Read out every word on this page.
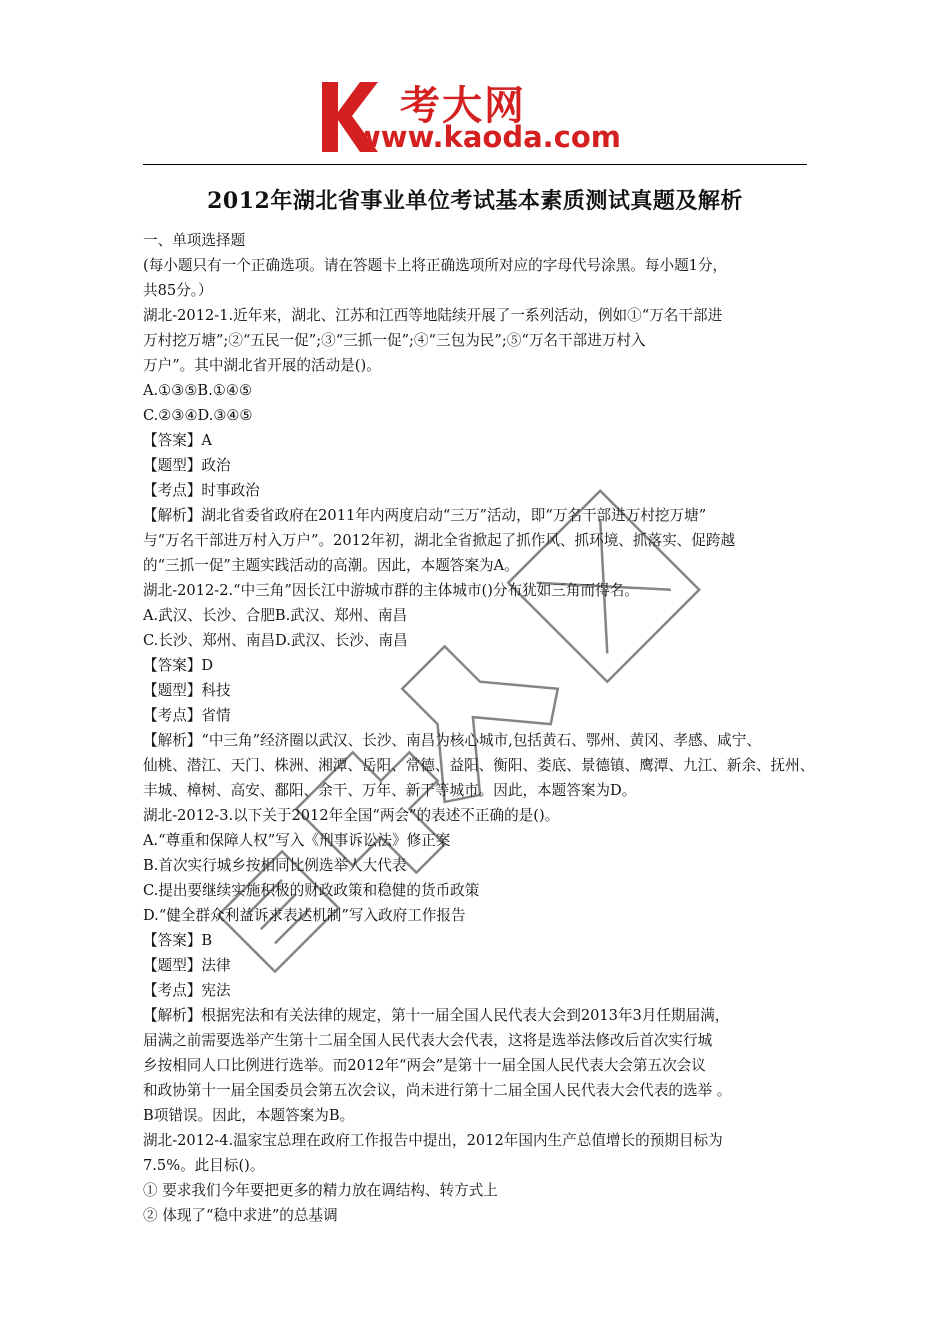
考大网
www.kaoda.com
2012年湖北省事业单位考试基本素质测试真题及解析
一、单项选择题
(每小题只有一个正确选项。请在答题卡上将正确选项所对应的字母代号涂黑。每小题1分，
共85分。）
湖北-2012-1.近年来，湖北、江苏和江西等地陆续开展了一系列活动，例如①“万名干部进
万村挖万塘”;②“五民一促”;③“三抓一促”;④“三包为民”;⑤“万名干部进万村入
万户”。其中湖北省开展的活动是()。
A.①③⑤B.①④⑤
C.②③④D.③④⑤
【答案】A
【题型】政治
【考点】时事政治
【解析】湖北省委省政府在2011年内两度启动“三万”活动，即“万名干部进万村挖万塘”
与“万名干部进万村入万户”。2012年初，湖北全省掀起了抓作风、抓环境、抓落实、促跨越
的“三抓一促”主题实践活动的高潮。因此，本题答案为A。
湖北-2012-2.“中三角”因长江中游城市群的主体城市()分布犹如三角而得名。
A.武汉、长沙、合肥B.武汉、郑州、南昌
C.长沙、郑州、南昌D.武汉、长沙、南昌
【答案】D
【题型】科技
【考点】省情
【解析】“中三角”经济圈以武汉、长沙、南昌为核心城市,包括黄石、鄂州、黄冈、孝感、咸宁、
仙桃、潜江、天门、株洲、湘潭、岳阳、常德、益阳、衡阳、娄底、景德镇、鹰潭、九江、新余、抚州、
丰城、樟树、高安、鄱阳、余干、万年、新干等城市。因此，本题答案为D。
湖北-2012-3.以下关于2012年全国“两会”的表述不正确的是()。
A.“尊重和保障人权”写入《刑事诉讼法》修正案
B.首次实行城乡按相同比例选举人大代表
C.提出要继续实施积极的财政政策和稳健的货币政策
D.“健全群众利益诉求表达机制”写入政府工作报告
【答案】B
【题型】法律
【考点】宪法
【解析】根据宪法和有关法律的规定，第十一届全国人民代表大会到2013年3月任期届满，
届满之前需要选举产生第十二届全国人民代表大会代表，这将是选举法修改后首次实行城
乡按相同人口比例进行选举。而2012年“两会”是第十一届全国人民代表大会第五次会议
和政协第十一届全国委员会第五次会议，尚未进行第十二届全国人民代表大会代表的选举 。
B项错误。因此，本题答案为B。
湖北-2012-4.温家宝总理在政府工作报告中提出，2012年国内生产总值增长的预期目标为
7.5%。此目标()。
① 要求我们今年要把更多的精力放在调结构、转方式上
② 体现了“稳中求进”的总基调
